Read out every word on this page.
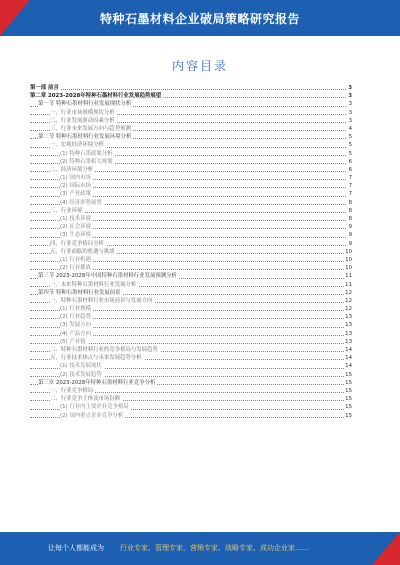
特种石墨材料企业破局策略研究报告
内容目录
第一部 前言	3
第二章 2023-2028年特种石墨材料行业发展趋势展望	3
第一节 特种石墨材料行业发展现状分析	3
一、行业市场规模现状分析	3
二、行业发展驱动因素分析	3
三、行业未来发展方向与趋势预测	4
第二节 特种石墨材料行业发展环境分析	5
一、宏观经济环境分析	5
(1) 特种石墨政策分析	5
(2) 特种石墨相关规划	6
二、经济环境分析	6
(1) 国内市场	7
(2) 国际市场	7
(3) 产业政策	7
(4) 经济形势展望	8
三、行业环境	8
(1) 技术环境	8
(2) 社会环境	9
(3) 生态环境	9
四、行业竞争格局分析	9
五、行业面临的机遇与挑战	10
(1) 行业机遇	10
(2) 行业挑战	10
第三节 2023-2028年中国特种石墨材料行业发展预测分析	11
一、未来特种石墨材料行业发展分析	11
第四节 特种石墨材料行业发展前景	12
一、特种石墨材料行业市场前景与发展方向	12
(1) 行业规模	12
(2) 行业趋势	13
(3) 发展方向	13
(4) 产品方向	13
(5) 产业链	13
二、特种石墨材料行业的竞争格局与发展趋势	14
五、行业技术热点与未来发展趋势分析	14
(1) 技术发展现状	14
(2) 技术发展趋势	15
第三章 2023-2028年特种石墨材料行业竞争分析	15
一、行业竞争格局	15
二、行业竞争主体及市场份额	15
(1) 行业内主要企业竞争格局	15
(2) 国内重点企业竞争分析	15
让每个人都能成为 行业专家、管理专家、营销专家、战略专家、成功企业家……
